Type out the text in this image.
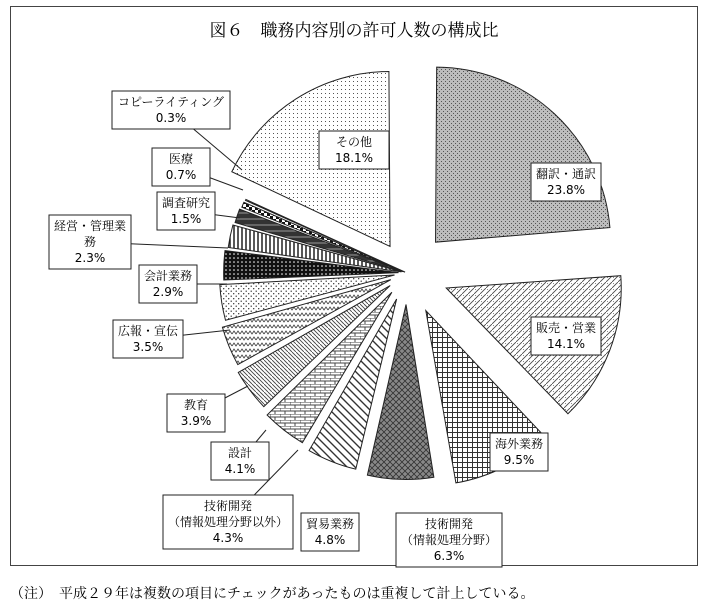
図６　職務内容別の許可人数の構成比
翻訳・通訳
23.8%
販売・営業
14.1%
海外業務
9.5%
技術開発
（情報処理分野）
6.3%
貿易業務
4.8%
技術開発
（情報処理分野以外）
4.3%
設計
4.1%
教育
3.9%
広報・宣伝
3.5%
会計業務
2.9%
経営・管理業
務
2.3%
調査研究
1.5%
医療
0.7%
コピーライティング
0.3%
その他
18.1%
（注）　平成２９年は複数の項目にチェックがあったものは重複して計上している。
